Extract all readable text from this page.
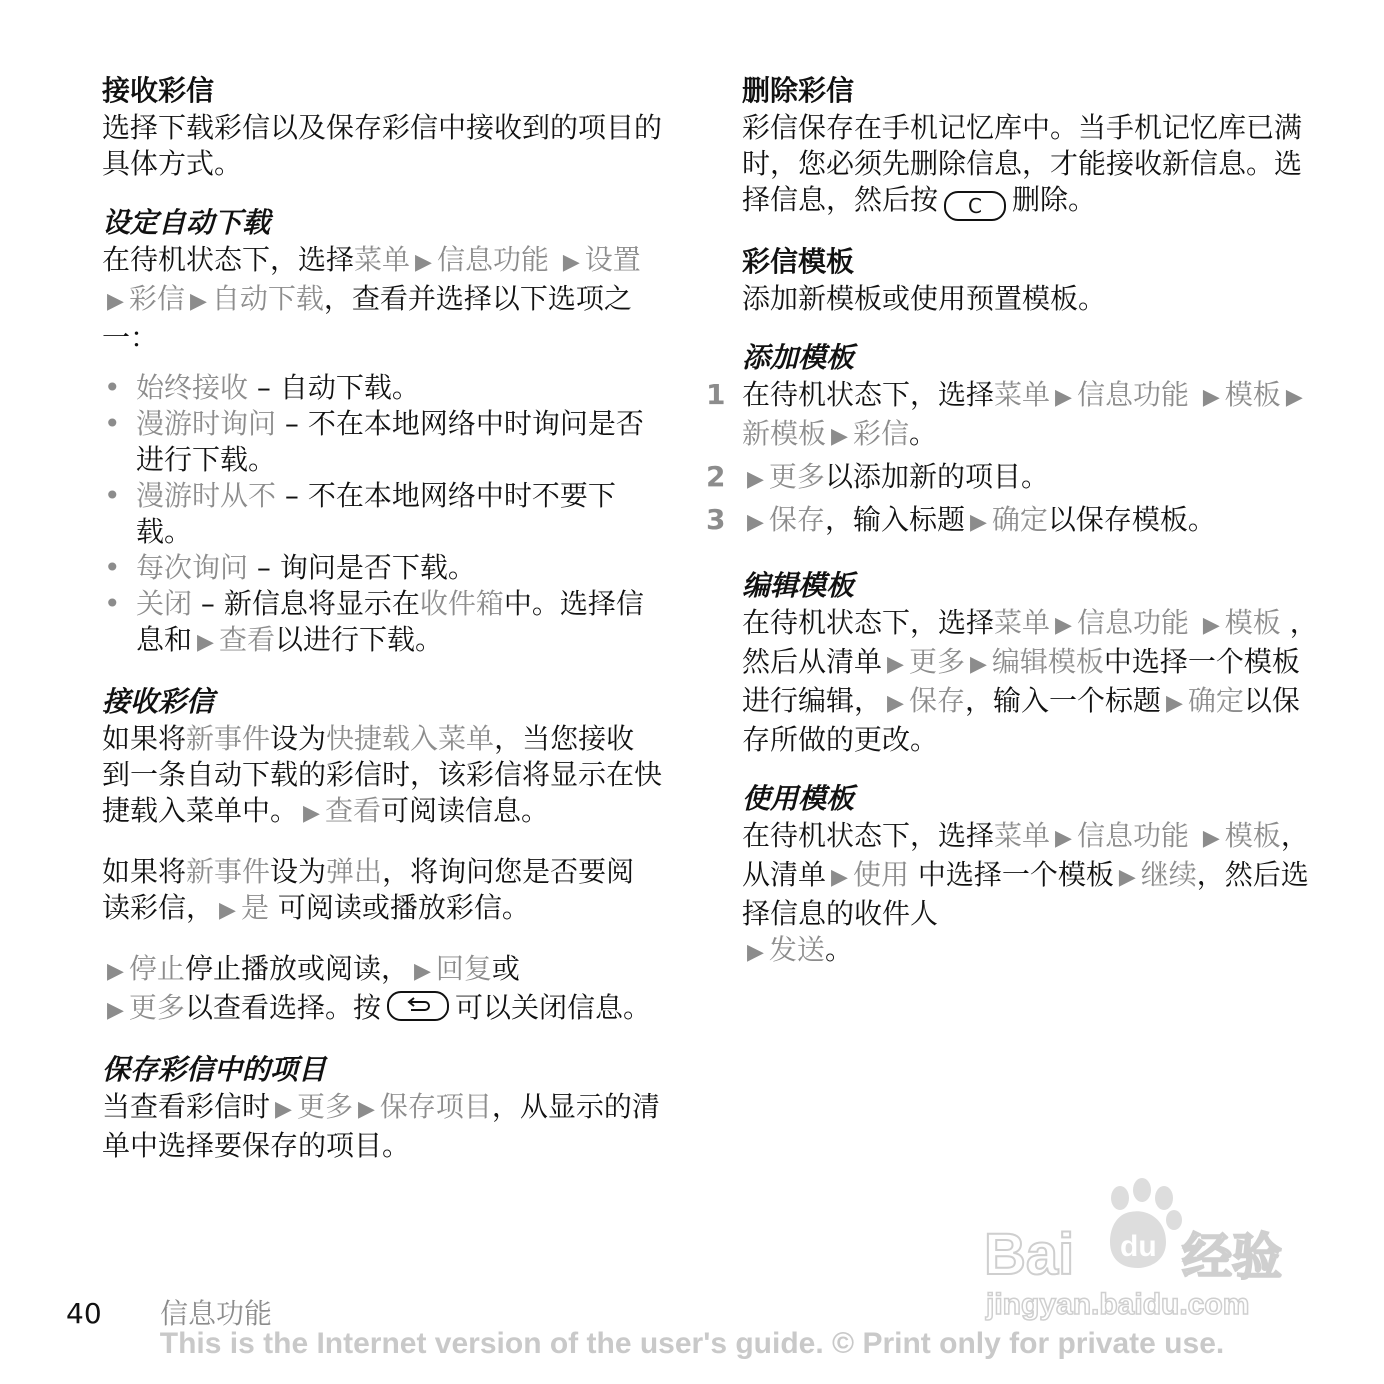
接收彩信

选择下载彩信以及保存彩信中接收到的项目的具体方式。

设定自动下载

在待机状态下，选择菜单 ▶ 信息功能 ▶ 设置▶ 彩信 ▶ 自动下载，查看并选择以下选项之一：

• 始终接收 – 自动下载。
• 漫游时询问 – 不在本地网络中时询问是否进行下载。
• 漫游时从不 – 不在本地网络中时不要下载。
• 每次询问 – 询问是否下载。
• 关闭 – 新信息将显示在收件箱中。选择信息和 ▶ 查看以进行下载。
接收彩信

如果将新事件设为快捷载入菜单，当您接收到一条自动下载的彩信时，该彩信将显示在快捷载入菜单中。 ▶ 查看可阅读信息。

如果将新事件设为弹出，将询问您是否要阅读彩信， ▶ 是 可阅读或播放彩信。

▶ 停止停止播放或阅读， ▶ 回复或
▶ 更多以查看选择。按	可以关闭信息。

保存彩信中的项目

当查看彩信时 ▶ 更多 ▶ 保存项目，从显示的清单中选择要保存的项目。

删除彩信

彩信保存在手机记忆库中。当手机记忆库已满时，您必须先删除信息，才能接收新信息。选择信息，然后按 C 删除。

彩信模板

添加新模板或使用预置模板。

添加模板
1 在待机状态下，选择菜单 ▶ 信息功能 ▶ 模板 ▶新模板 ▶ 彩信。
2 ▶ 更多以添加新的项目。
3 ▶ 保存，输入标题 ▶ 确定以保存模板。
编辑模板

在待机状态下，选择菜单 ▶ 信息功能 ▶ 模板 ，然后从清单 ▶ 更多 ▶ 编辑模板中选择一个模板进行编辑， ▶ 保存，输入一个标题 ▶ 确定以保存所做的更改。

使用模板

在待机状态下，选择菜单 ▶ 信息功能 ▶ 模板，从清单 ▶ 使用 中选择一个模板 ▶ 继续，然后选择信息的收件人
▶ 发送。

Bai du 经验
jingyan.baidu.com
40 信息功能
This is the Internet version of the user's guide. © Print only for private use.
